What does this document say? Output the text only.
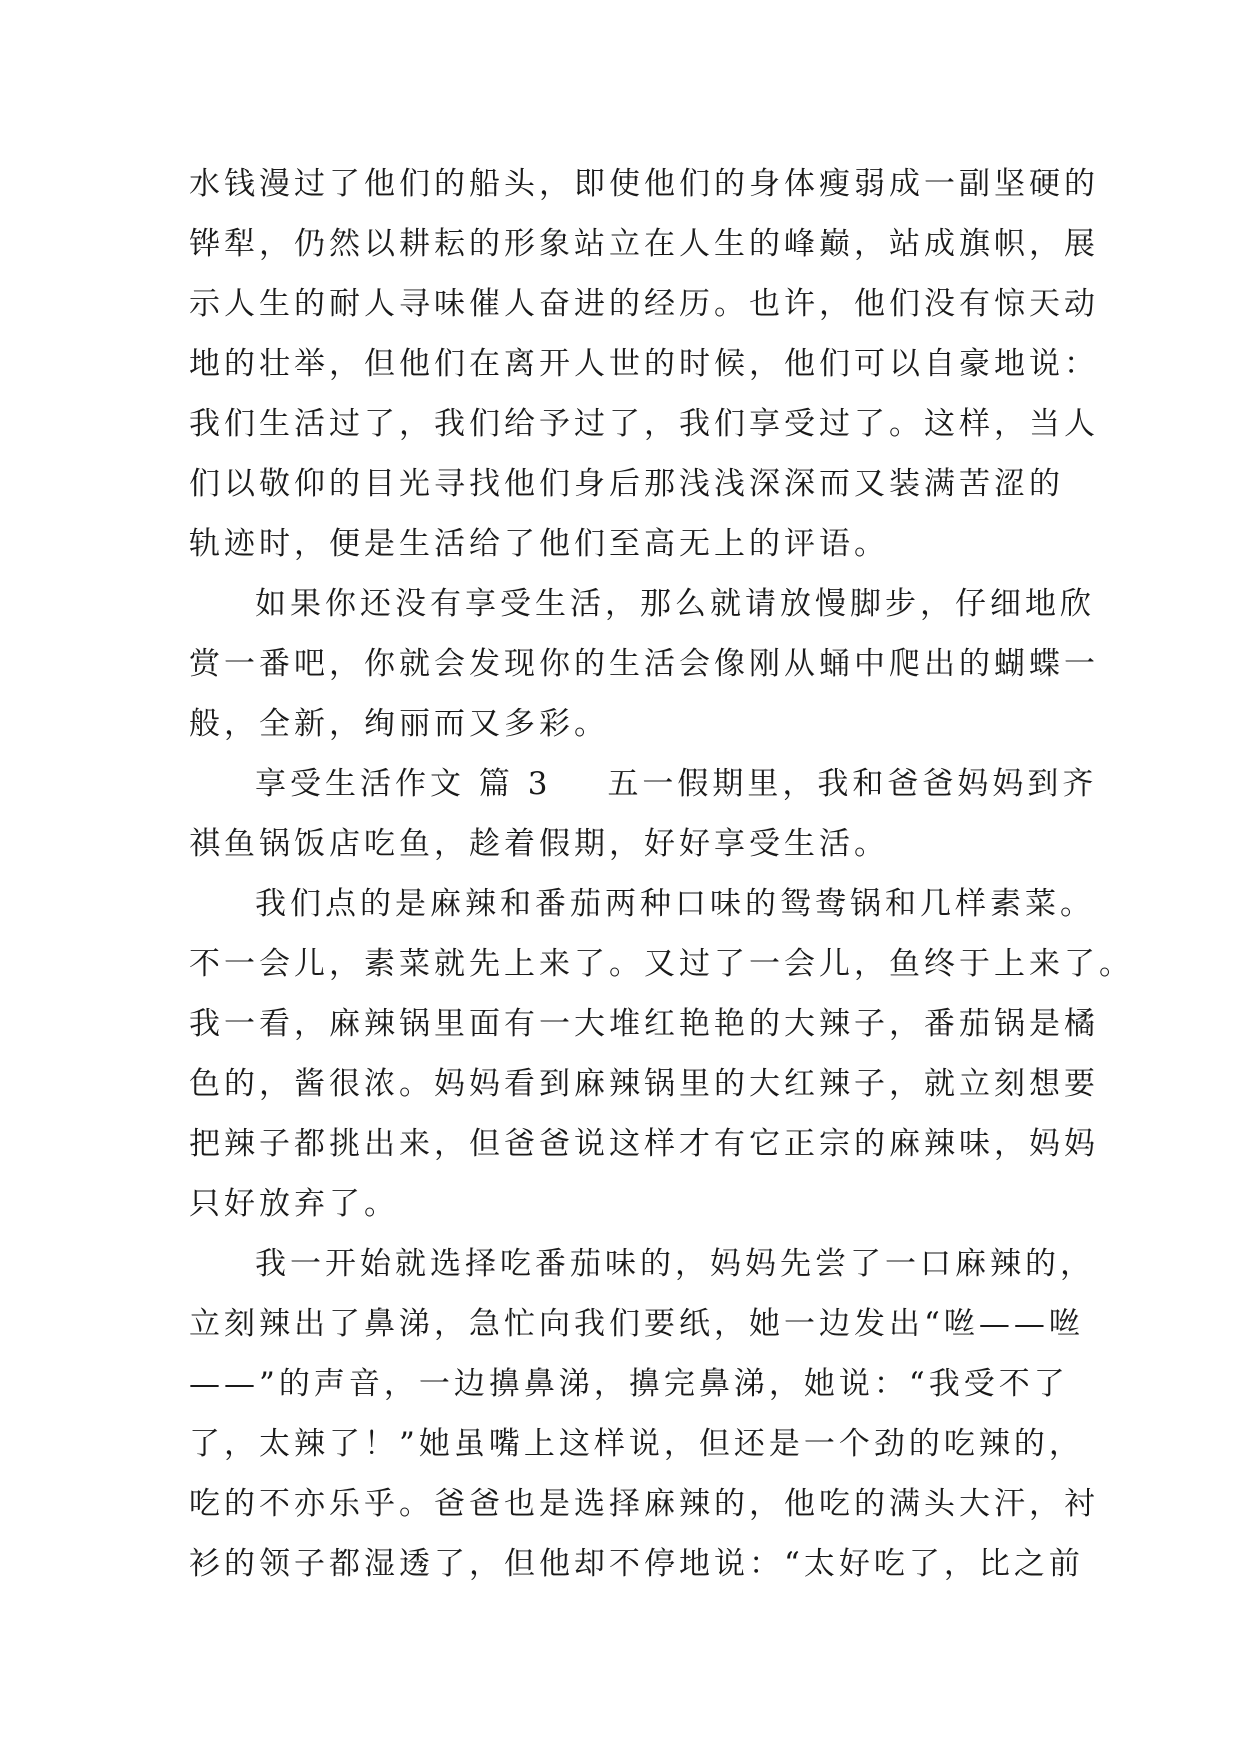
水钱漫过了他们的船头，即使他们的身体瘦弱成一副坚硬的
铧犁，仍然以耕耘的形象站立在人生的峰巅，站成旗帜，展
示人生的耐人寻味催人奋进的经历。也许，他们没有惊天动
地的壮举，但他们在离开人世的时候，他们可以自豪地说：
我们生活过了，我们给予过了，我们享受过了。这样，当人
们以敬仰的目光寻找他们身后那浅浅深深而又装满苦涩的
轨迹时，便是生活给了他们至高无上的评语。
如果你还没有享受生活，那么就请放慢脚步，仔细地欣
赏一番吧，你就会发现你的生活会像刚从蛹中爬出的蝴蝶一
般，全新，绚丽而又多彩。
享受生活作文 篇 3 五一假期里，我和爸爸妈妈到齐
祺鱼锅饭店吃鱼，趁着假期，好好享受生活。
我们点的是麻辣和番茄两种口味的鸳鸯锅和几样素菜。
不一会儿，素菜就先上来了。又过了一会儿，鱼终于上来了。
我一看，麻辣锅里面有一大堆红艳艳的大辣子，番茄锅是橘
色的，酱很浓。妈妈看到麻辣锅里的大红辣子，就立刻想要
把辣子都挑出来，但爸爸说这样才有它正宗的麻辣味，妈妈
只好放弃了。
我一开始就选择吃番茄味的，妈妈先尝了一口麻辣的，
立刻辣出了鼻涕，急忙向我们要纸，她一边发出“咝——咝
——”的声音，一边擤鼻涕，擤完鼻涕，她说：“我受不了
了，太辣了！”她虽嘴上这样说，但还是一个劲的吃辣的，
吃的不亦乐乎。爸爸也是选择麻辣的，他吃的满头大汗，衬
衫的领子都湿透了，但他却不停地说：“太好吃了，比之前
